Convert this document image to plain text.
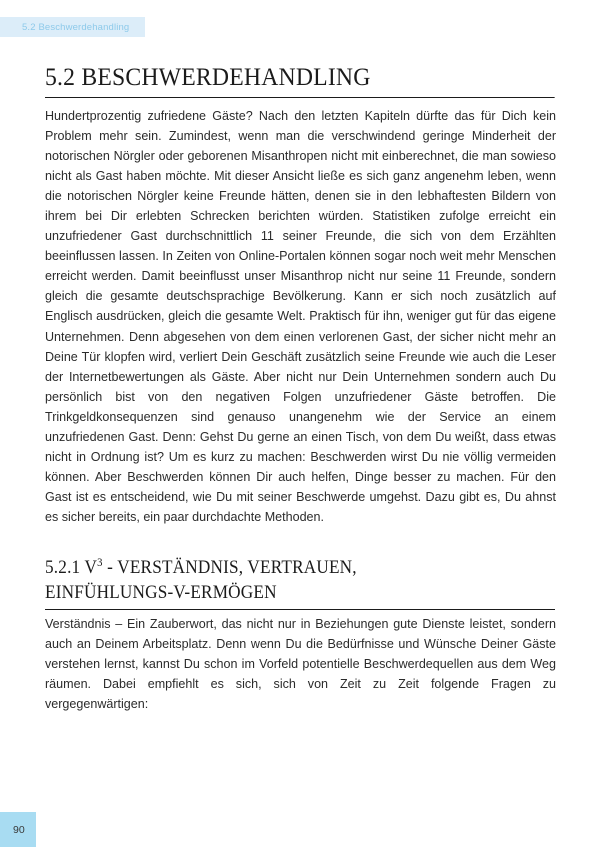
5.2 Beschwerdehandling
5.2 BESCHWERDEHANDLING

Hundertprozentig zufriedene Gäste? Nach den letzten Kapiteln dürfte das für Dich kein Problem mehr sein. Zumindest, wenn man die verschwindend geringe Minderheit der notorischen Nörgler oder geborenen Misanthropen nicht mit einberechnet, die man sowieso nicht als Gast haben möchte. Mit dieser Ansicht ließe es sich ganz angenehm leben, wenn die notorischen Nörgler keine Freunde hätten, denen sie in den lebhaftesten Bildern von ihrem bei Dir erlebten Schrecken berichten würden. Statistiken zufolge erreicht ein unzufriedener Gast durchschnittlich 11 seiner Freunde, die sich von dem Erzählten beeinflussen lassen. In Zeiten von Online-Portalen können sogar noch weit mehr Menschen erreicht werden. Damit beeinflusst unser Misanthrop nicht nur seine 11 Freunde, sondern gleich die gesamte deutschsprachige Bevölkerung. Kann er sich noch zusätzlich auf Englisch ausdrücken, gleich die gesamte Welt. Praktisch für ihn, weniger gut für das eigene Unternehmen. Denn abgesehen von dem einen verlorenen Gast, der sicher nicht mehr an Deine Tür klopfen wird, verliert Dein Geschäft zusätzlich seine Freunde wie auch die Leser der Internetbewertungen als Gäste. Aber nicht nur Dein Unternehmen sondern auch Du persönlich bist von den negativen Folgen unzufriedener Gäste betroffen. Die Trinkgeldkonsequenzen sind genauso unangenehm wie der Service an einem unzufriedenen Gast. Denn: Gehst Du gerne an einen Tisch, von dem Du weißt, dass etwas nicht in Ordnung ist? Um es kurz zu machen: Beschwerden wirst Du nie völlig vermeiden können. Aber Beschwerden können Dir auch helfen, Dinge besser zu machen. Für den Gast ist es entscheidend, wie Du mit seiner Beschwerde umgehst. Dazu gibt es, Du ahnst es sicher bereits, ein paar durchdachte Methoden.

5.2.1 $V^3$ - VERSTÄNDNIS, VERTRAUEN,
EINFÜHLUNGS-V-ERMÖGEN

Verständnis – Ein Zauberwort, das nicht nur in Beziehungen gute Dienste leistet, sondern auch an Deinem Arbeitsplatz. Denn wenn Du die Bedürfnisse und Wünsche Deiner Gäste verstehen lernst, kannst Du schon im Vorfeld potentielle Beschwerdequellen aus dem Weg räumen. Dabei empfiehlt es sich, sich von Zeit zu Zeit folgende Fragen zu vergegenwärtigen:

90
